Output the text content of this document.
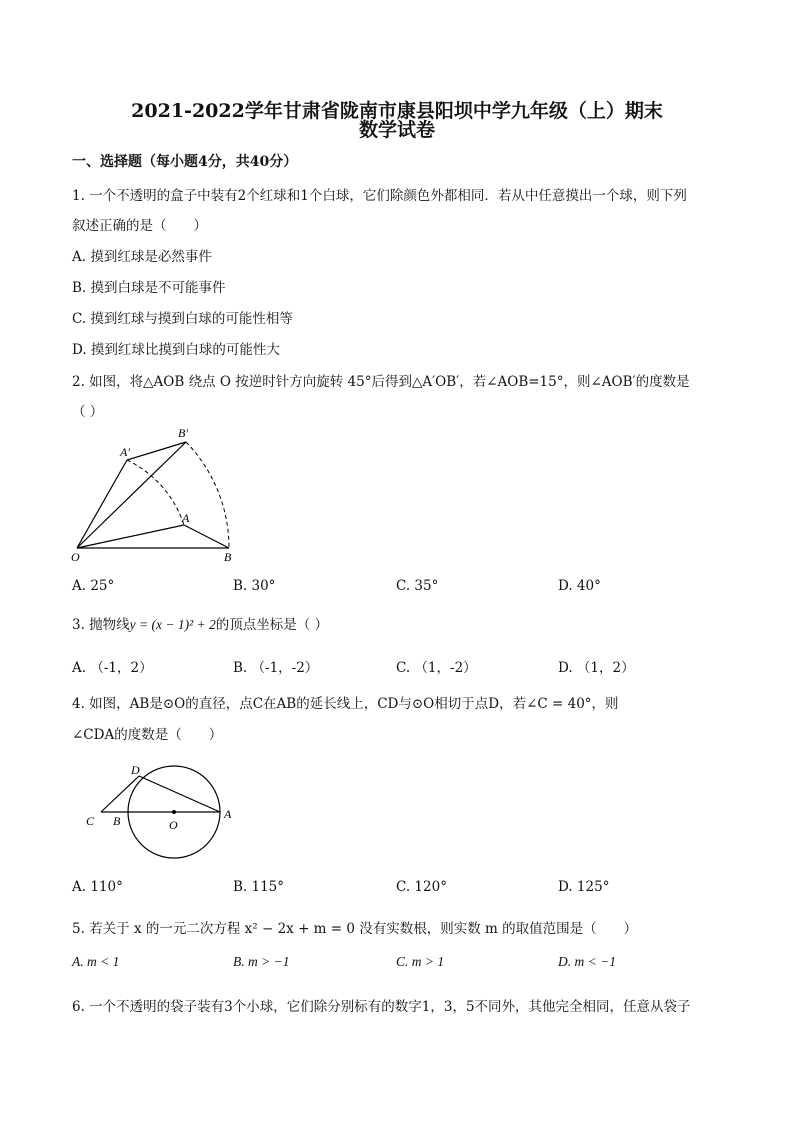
2021-2022学年甘肃省陇南市康县阳坝中学九年级（上）期末
数学试卷
一、选择题（每小题4分，共40分）
1. 一个不透明的盒子中装有2个红球和1个白球，它们除颜色外都相同．若从中任意摸出一个球，则下列
叙述正确的是（　　）
A. 摸到红球是必然事件
B. 摸到白球是不可能事件
C. 摸到红球与摸到白球的可能性相等
D. 摸到红球比摸到白球的可能性大
2. 如图，将△AOB 绕点 O 按逆时针方向旋转 45°后得到△A′OB′，若∠AOB=15°，则∠AOB′的度数是
（ ）
A′
B′
A
O	B
A. 25°	B. 30°	C. 35°	D. 40°
3. 抛物线y = (x − 1)² + 2的顶点坐标是（ ）
A. （-1，2）	B. （-1，-2）	C. （1，-2）	D. （1，2）
4. 如图，AB是⊙O的直径，点C在AB的延长线上，CD与⊙O相切于点D，若∠C = 40°，则
∠CDA的度数是（　　）
D
C B	O
A
A. 110°	B. 115°	C. 120°	D. 125°
5. 若关于 x 的一元二次方程 x² − 2x + m = 0 没有实数根，则实数 m 的取值范围是（　　）
A. m < 1	B. m > −1	C. m > 1	D. m < −1
6. 一个不透明的袋子装有3个小球，它们除分别标有的数字1，3，5不同外，其他完全相同，任意从袋子
